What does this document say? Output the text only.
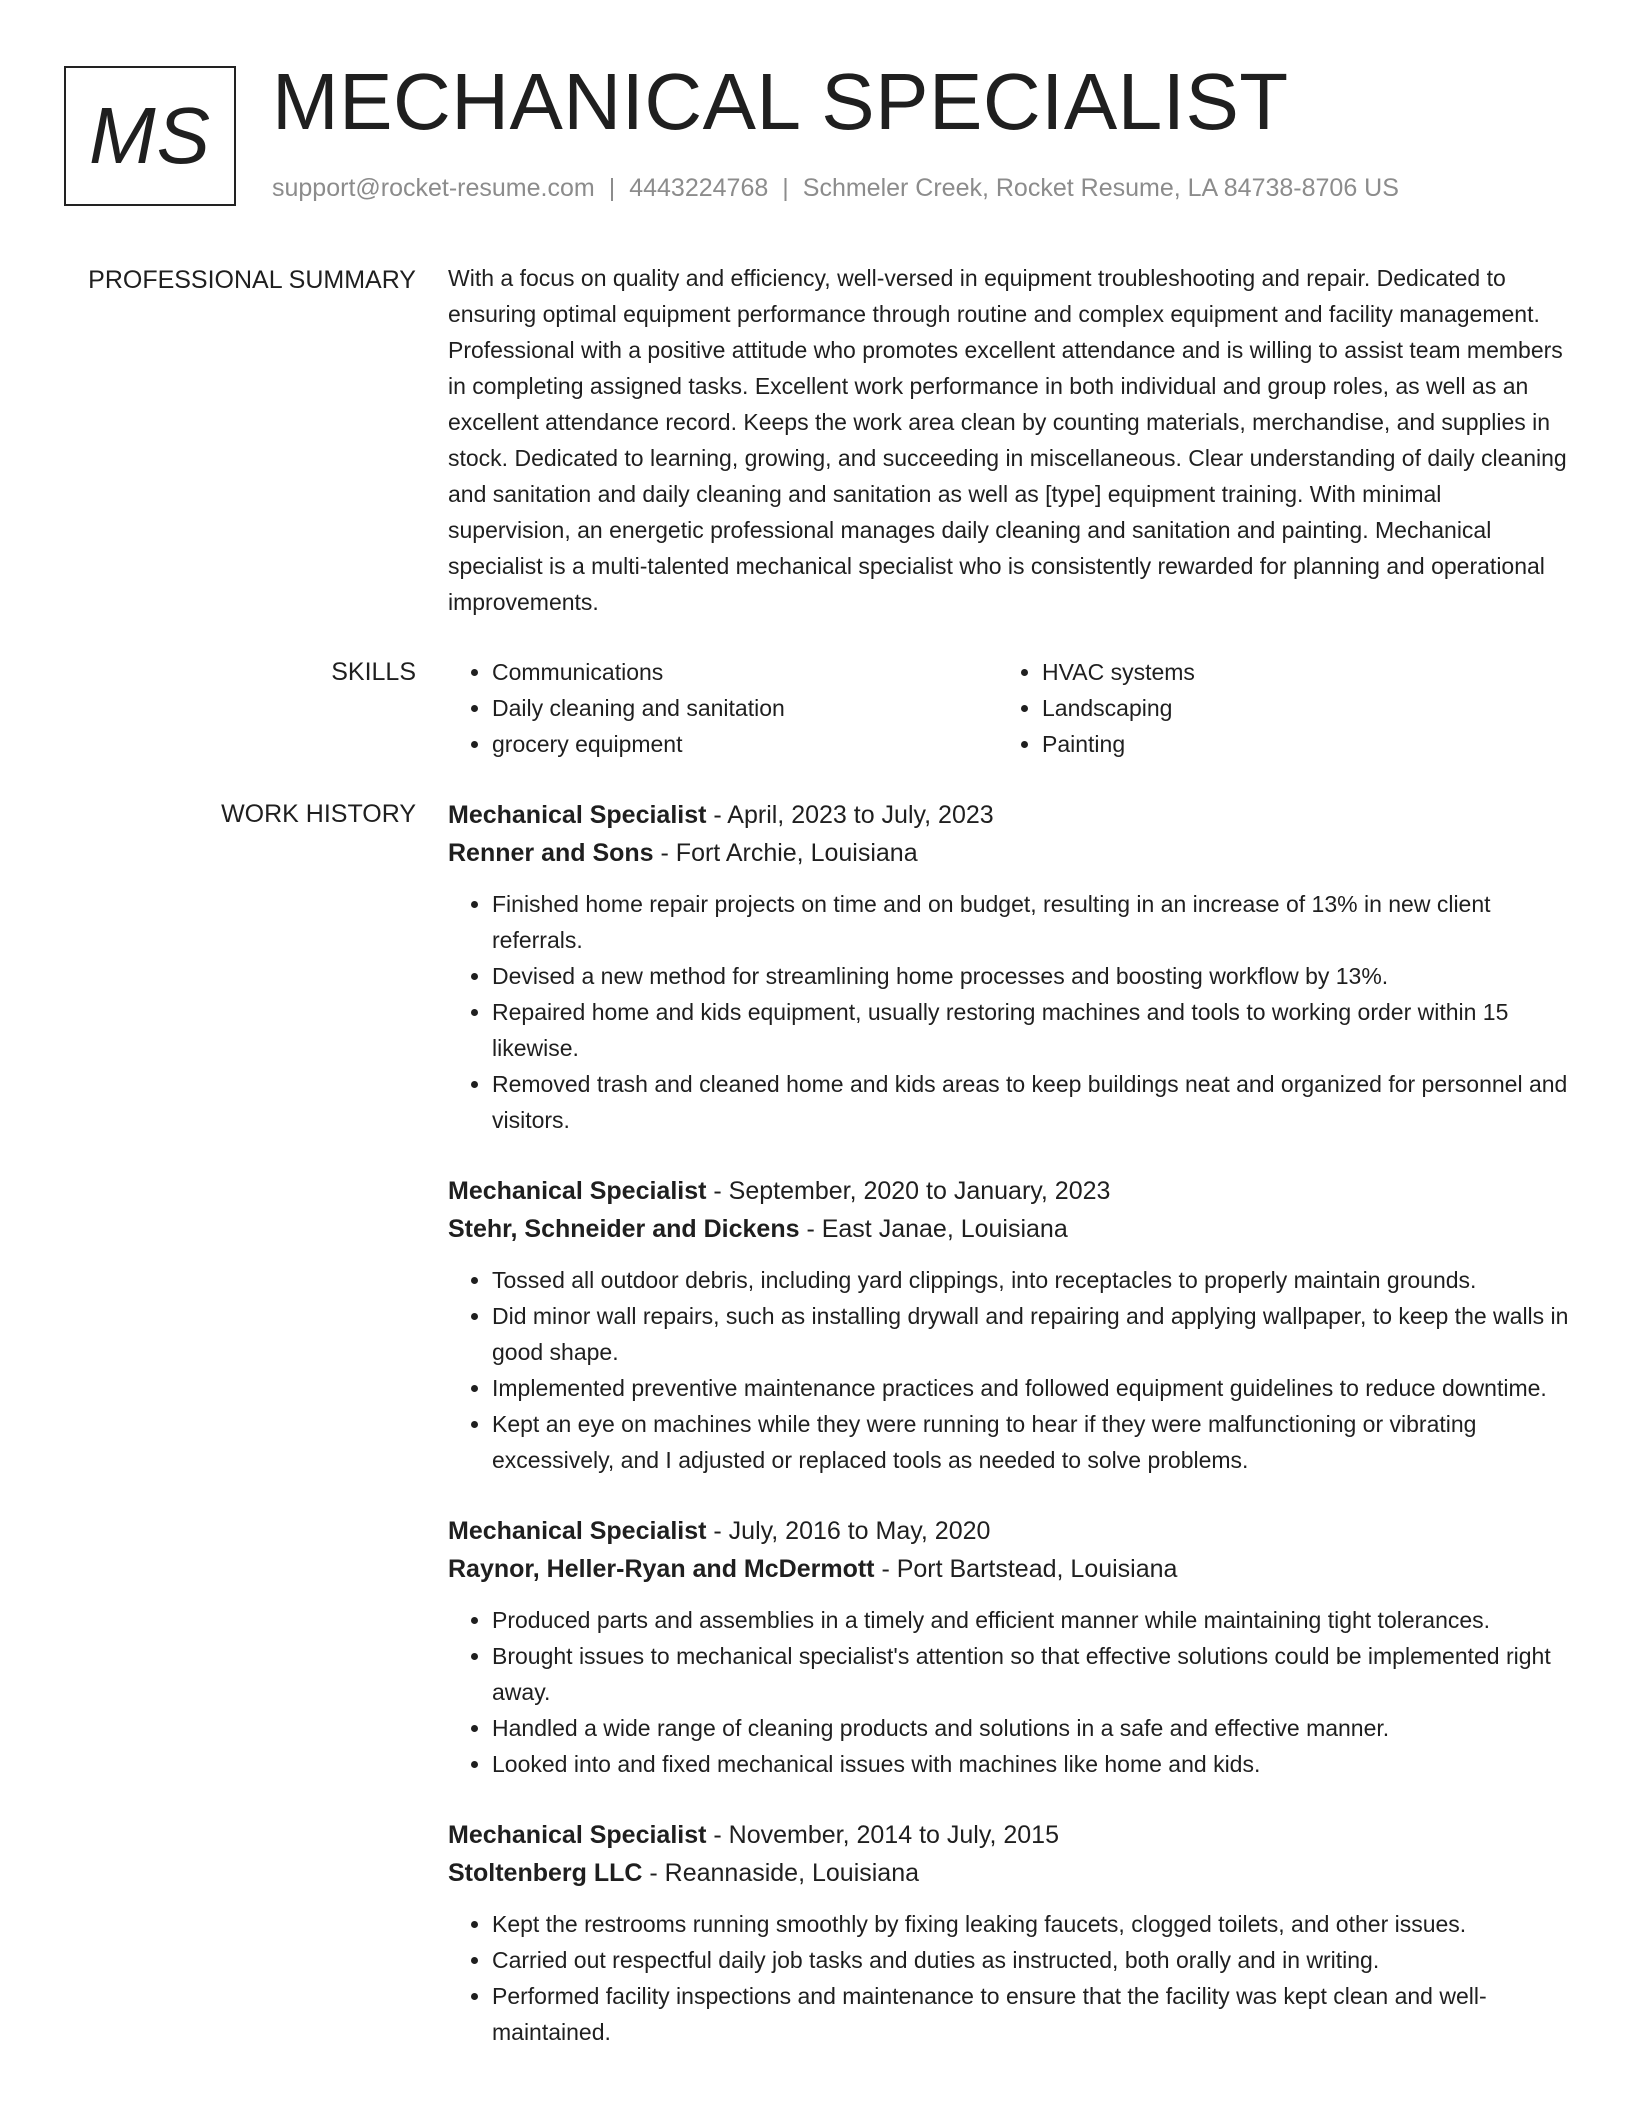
MS MECHANICAL SPECIALIST
support@rocket-resume.com | 4443224768 | Schmeler Creek, Rocket Resume, LA 84738-8706 US
PROFESSIONAL SUMMARY With a focus on quality and efficiency, well-versed in equipment troubleshooting and repair. Dedicated to ensuring optimal equipment performance through routine and complex equipment and facility management. Professional with a positive attitude who promotes excellent attendance and is willing to assist team members in completing assigned tasks. Excellent work performance in both individual and group roles, as well as an excellent attendance record. Keeps the work area clean by counting materials, merchandise, and supplies in stock. Dedicated to learning, growing, and succeeding in miscellaneous. Clear understanding of daily cleaning and sanitation and daily cleaning and sanitation as well as [type] equipment training. With minimal supervision, an energetic professional manages daily cleaning and sanitation and painting. Mechanical specialist is a multi-talented mechanical specialist who is consistently rewarded for planning and operational improvements.

SKILLS
•	Communications
• Daily cleaning and sanitation
• grocery equipment
• HVAC systems
• Landscaping
• Painting
WORK HISTORY Mechanical Specialist - April, 2023 to July, 2023
Renner and Sons - Fort Archie, Louisiana
• Finished home repair projects on time and on budget, resulting in an increase of 13% in new client referrals.
• Devised a new method for streamlining home processes and boosting workflow by 13%.
• Repaired home and kids equipment, usually restoring machines and tools to working order within 15 likewise.
• Removed trash and cleaned home and kids areas to keep buildings neat and organized for personnel and visitors.
Mechanical Specialist - September, 2020 to January, 2023
Stehr, Schneider and Dickens - East Janae, Louisiana
• Tossed all outdoor debris, including yard clippings, into receptacles to properly maintain grounds.
• Did minor wall repairs, such as installing drywall and repairing and applying wallpaper, to keep the walls in good shape.
• Implemented preventive maintenance practices and followed equipment guidelines to reduce downtime.
• Kept an eye on machines while they were running to hear if they were malfunctioning or vibrating excessively, and I adjusted or replaced tools as needed to solve problems.
Mechanical Specialist - July, 2016 to May, 2020
Raynor, Heller-Ryan and McDermott - Port Bartstead, Louisiana
• Produced parts and assemblies in a timely and efficient manner while maintaining tight tolerances.
• Brought issues to mechanical specialist's attention so that effective solutions could be implemented right away.
• Handled a wide range of cleaning products and solutions in a safe and effective manner.
• Looked into and fixed mechanical issues with machines like home and kids.
Mechanical Specialist - November, 2014 to July, 2015
Stoltenberg LLC - Reannaside, Louisiana
• Kept the restrooms running smoothly by fixing leaking faucets, clogged toilets, and other issues.
• Carried out respectful daily job tasks and duties as instructed, both orally and in writing.
• Performed facility inspections and maintenance to ensure that the facility was kept clean and well-maintained.
